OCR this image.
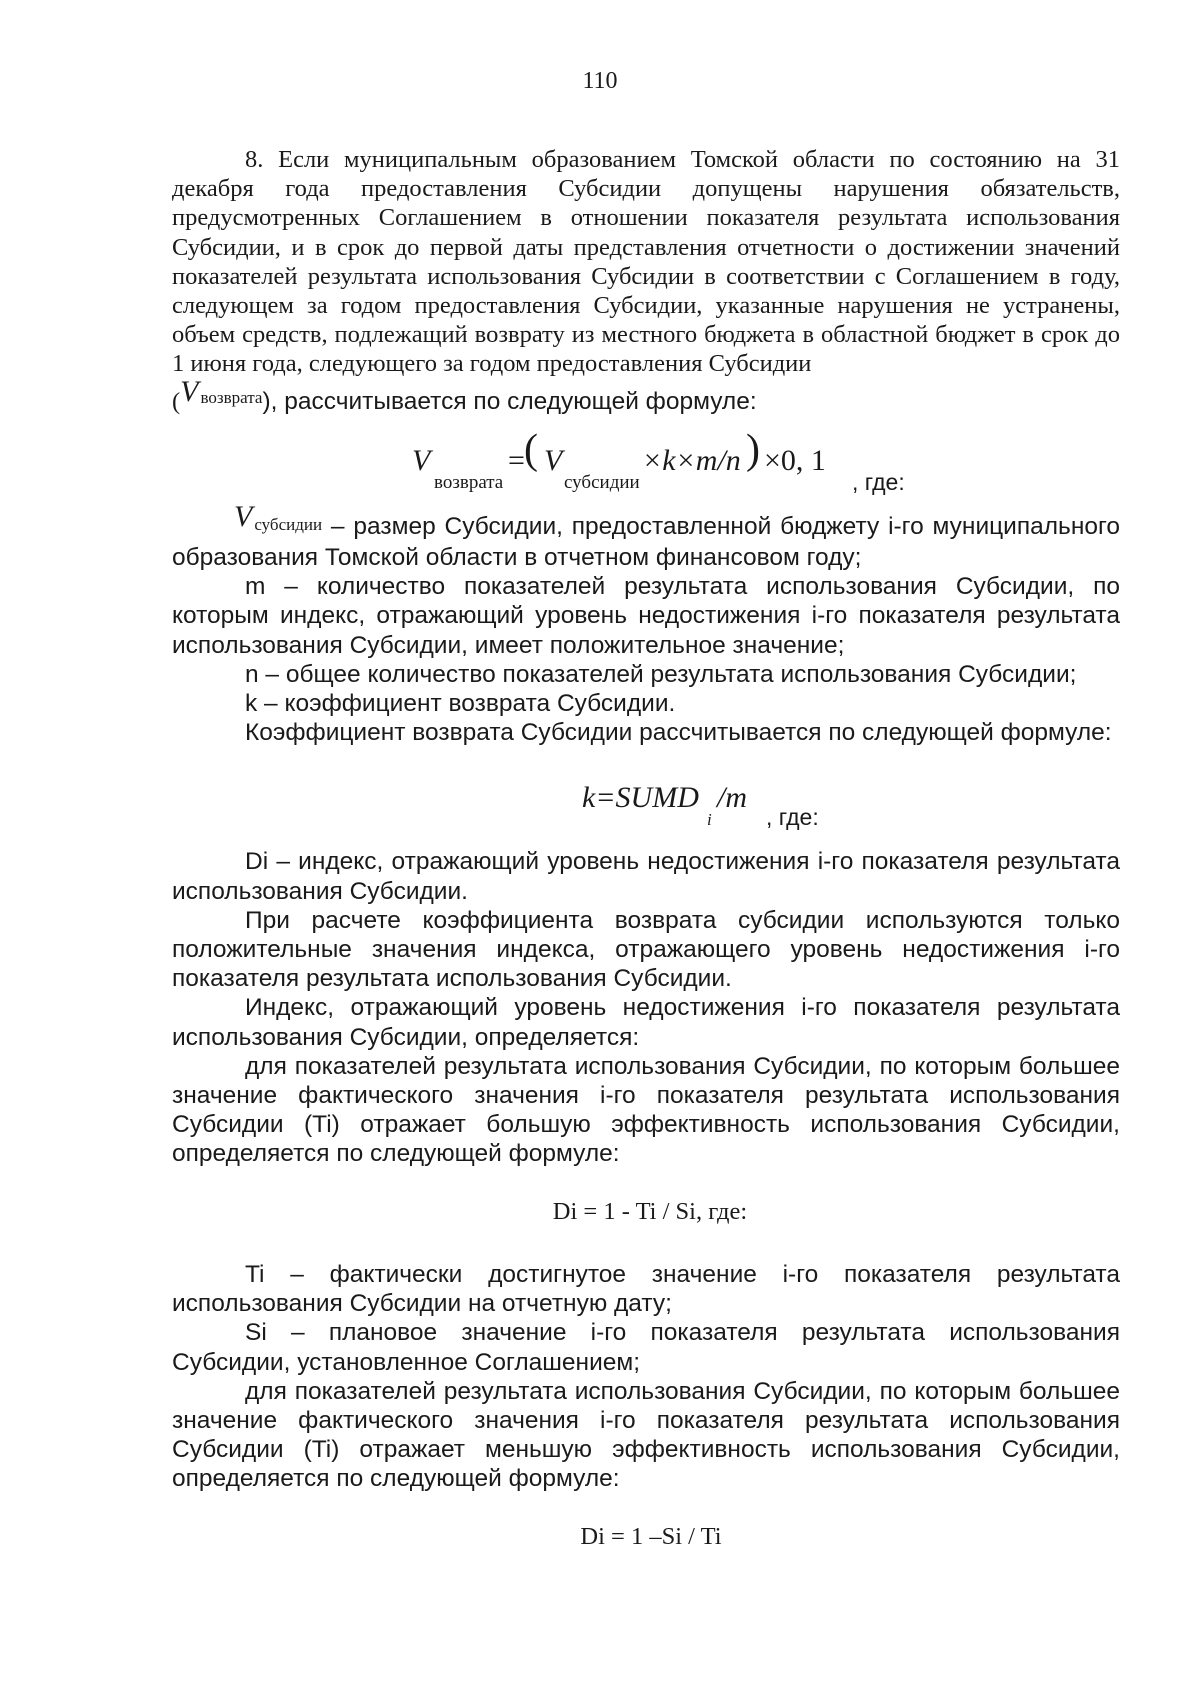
110

8. Если муниципальным образованием Томской области по состоянию на 31 декабря года предоставления Субсидии допущены нарушения обязательств, предусмотренных Соглашением в отношении показателя результата использования Субсидии, и в срок до первой даты представления отчетности о достижении значений показателей результата использования Субсидии в соответствии с Соглашением в году, следующем за годом предоставления Субсидии, указанные нарушения не устранены, объем средств, подлежащий возврату из местного бюджета в областной бюджет в срок до 1 июня года, следующего за годом предоставления Субсидии

(V $^{возврата}$), рассчитывается по следующей формуле:

V
возврата
= ( V
субсидии
×k×m/n ) ×0, 1
, где:

Vсубсидии – размер Субсидии, предоставленной бюджету i-го муниципального образования Томской области в отчетном финансовом году;

m – количество показателей результата использования Субсидии, по которым индекс, отражающий уровень недостижения i-го показателя результата использования Субсидии, имеет положительное значение;

n – общее количество показателей результата использования Субсидии;

k – коэффициент возврата Субсидии.

Коэффициент возврата Субсидии рассчитывается по следующей формуле:

k=SUMD
i
/m
, где:

Di – индекс, отражающий уровень недостижения i-го показателя результата использования Субсидии.

При расчете коэффициента возврата субсидии используются только положительные значения индекса, отражающего уровень недостижения i-го показателя результата использования Субсидии.

Индекс, отражающий уровень недостижения i-го показателя результата использования Субсидии, определяется:

для показателей результата использования Субсидии, по которым большее значение фактического значения i-го показателя результата использования Субсидии (Ti) отражает большую эффективность использования Субсидии, определяется по следующей формуле:

Di = 1 - Ti / Si, где:

Ti – фактически достигнутое значение i-го показателя результата использования Субсидии на отчетную дату;

Si – плановое значение i-го показателя результата использования Субсидии, установленное Соглашением;

для показателей результата использования Субсидии, по которым большее значение фактического значения i-го показателя результата использования Субсидии (Ti) отражает меньшую эффективность использования Субсидии, определяется по следующей формуле:

Di = 1 –Si / Ti
